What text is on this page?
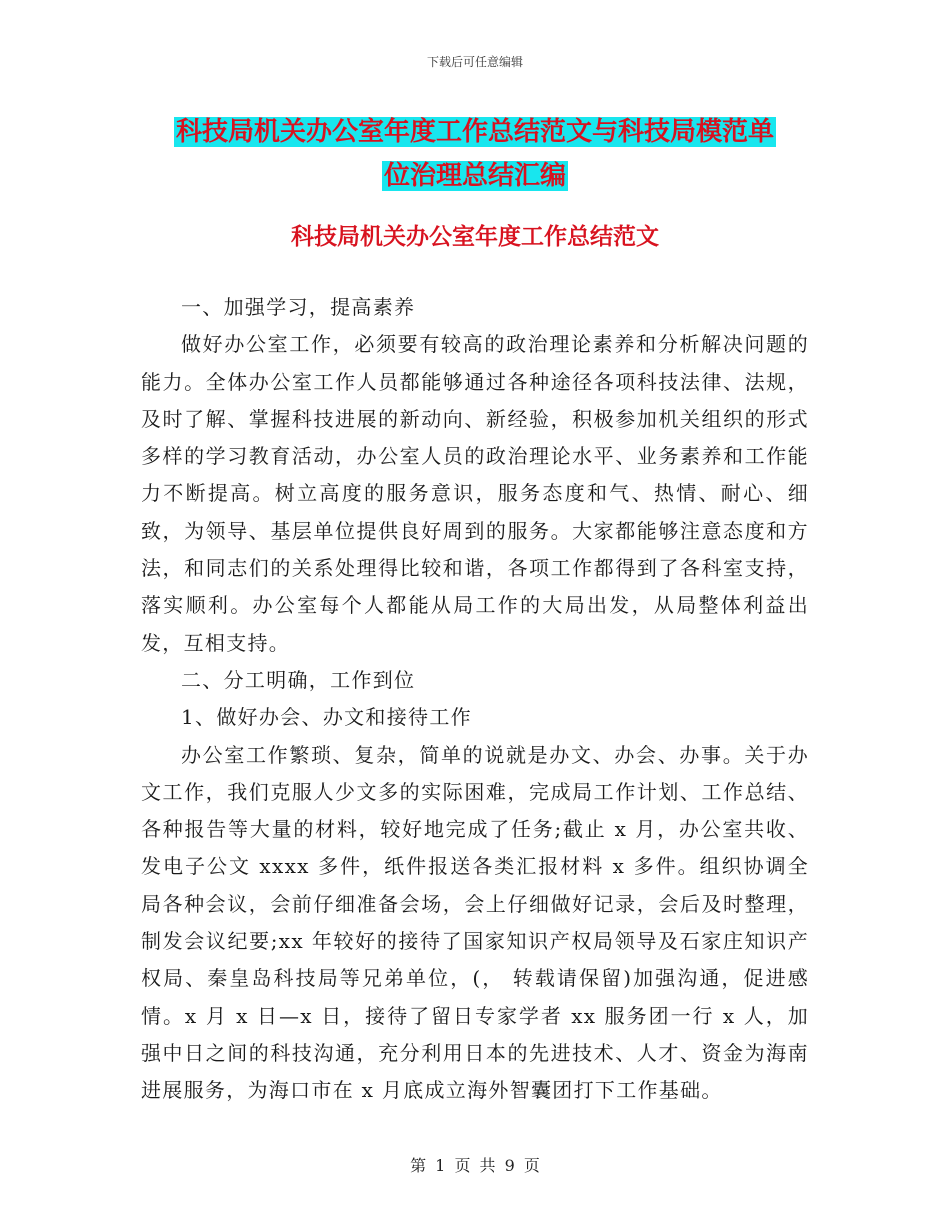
下载后可任意编辑
科技局机关办公室年度工作总结范文与科技局模范单
位治理总结汇编
科技局机关办公室年度工作总结范文

一、加强学习，提高素养

做好办公室工作，必须要有较高的政治理论素养和分析解决问题的能力。全体办公室工作人员都能够通过各种途径各项科技法律、法规，及时了解、掌握科技进展的新动向、新经验，积极参加机关组织的形式多样的学习教育活动，办公室人员的政治理论水平、业务素养和工作能力不断提高。树立高度的服务意识，服务态度和气、热情、耐心、细致，为领导、基层单位提供良好周到的服务。大家都能够注意态度和方法，和同志们的关系处理得比较和谐，各项工作都得到了各科室支持，落实顺利。办公室每个人都能从局工作的大局出发，从局整体利益出发，互相支持。

二、分工明确，工作到位

1、做好办会、办文和接待工作

办公室工作繁琐、复杂，简单的说就是办文、办会、办事。关于办文工作，我们克服人少文多的实际困难，完成局工作计划、工作总结、各种报告等大量的材料，较好地完成了任务;截止 x 月，办公室共收、发电子公文 xxxx 多件，纸件报送各类汇报材料 x 多件。组织协调全局各种会议，会前仔细准备会场，会上仔细做好记录，会后及时整理，制发会议纪要;xx 年较好的接待了国家知识产权局领导及石家庄知识产权局、秦皇岛科技局等兄弟单位，(， 转载请保留)加强沟通，促进感情。x 月 x 日—x 日，接待了留日专家学者 xx 服务团一行 x 人，加强中日之间的科技沟通，充分利用日本的先进技术、人才、资金为海南进展服务，为海口市在 x 月底成立海外智囊团打下工作基础。

第 1 页 共 9 页
